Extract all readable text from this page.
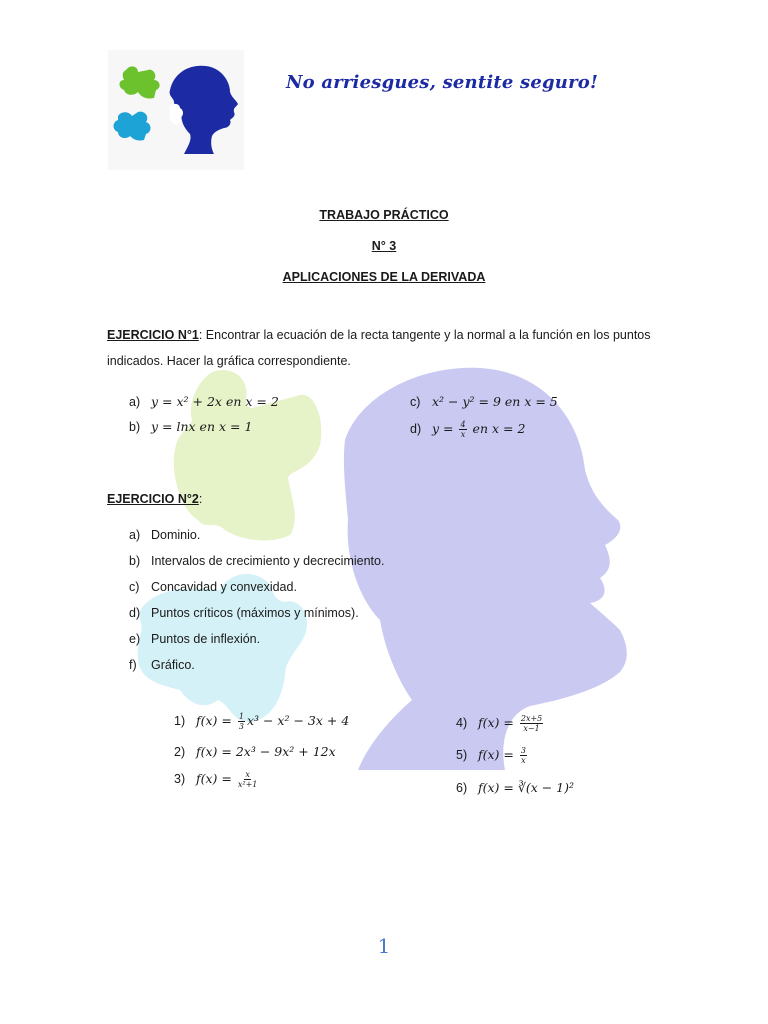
No arriesgues, sentite seguro!
TRABAJO PRÁCTICO
N° 3
APLICACIONES DE LA DERIVADA
EJERCICIO N°1: Encontrar la ecuación de la recta tangente y la normal a la función en los puntos indicados. Hacer la gráfica correspondiente.
a) y = x² + 2x en x = 2
b) y = lnx en x = 1
c) x² − y² = 9 en x = 5
d) $y = \frac{4}{x}$ en x = 2
EJERCICIO N°2:
a) Dominio.
b) Intervalos de crecimiento y decrecimiento.
c) Concavidad y convexidad.
d) Puntos críticos (máximos y mínimos).
e) Puntos de inflexión.
f)	Gráfico.
1) $f(x) = \frac{1}{3} x^3 - x^2 - 3x + 4$
2) f(x) = 2x³ − 9x² + 12x
3) $f(x) = \frac{x}{\text{x²+1}}$
4) $f(x) = \frac{2x+5}{x-1}$
5) $f(x) = \frac{3}{x}$
6) f(x) = ∛(x − 1)²
1
